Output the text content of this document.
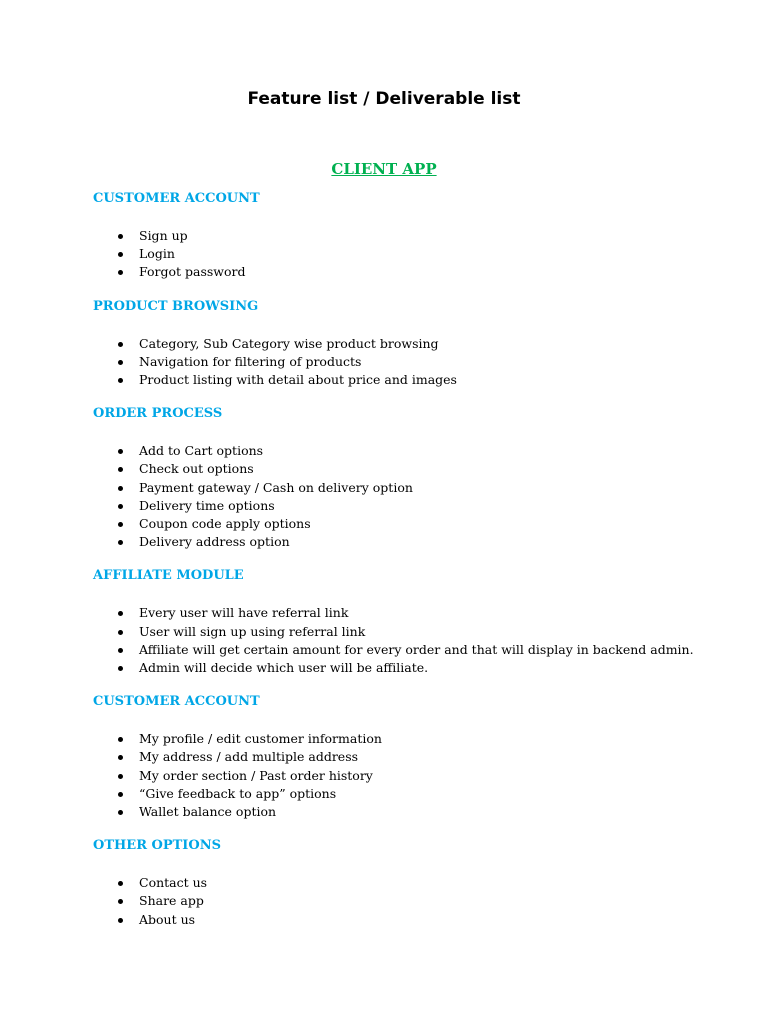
Feature list / Deliverable list
CLIENT APP
CUSTOMER ACCOUNT
Sign up
Login
Forgot password
PRODUCT BROWSING
Category, Sub Category wise product browsing
Navigation for filtering of products
Product listing with detail about price and images
ORDER PROCESS
Add to Cart options
Check out options
Payment gateway / Cash on delivery option
Delivery time options
Coupon code apply options
Delivery address option
AFFILIATE MODULE
Every user will have referral link
User will sign up using referral link
Affiliate will get certain amount for every order and that will display in backend admin.
Admin will decide which user will be affiliate.
CUSTOMER ACCOUNT
My profile / edit customer information
My address / add multiple address
My order section / Past order history
“Give feedback to app” options
Wallet balance option
OTHER OPTIONS
Contact us
Share app
About us
